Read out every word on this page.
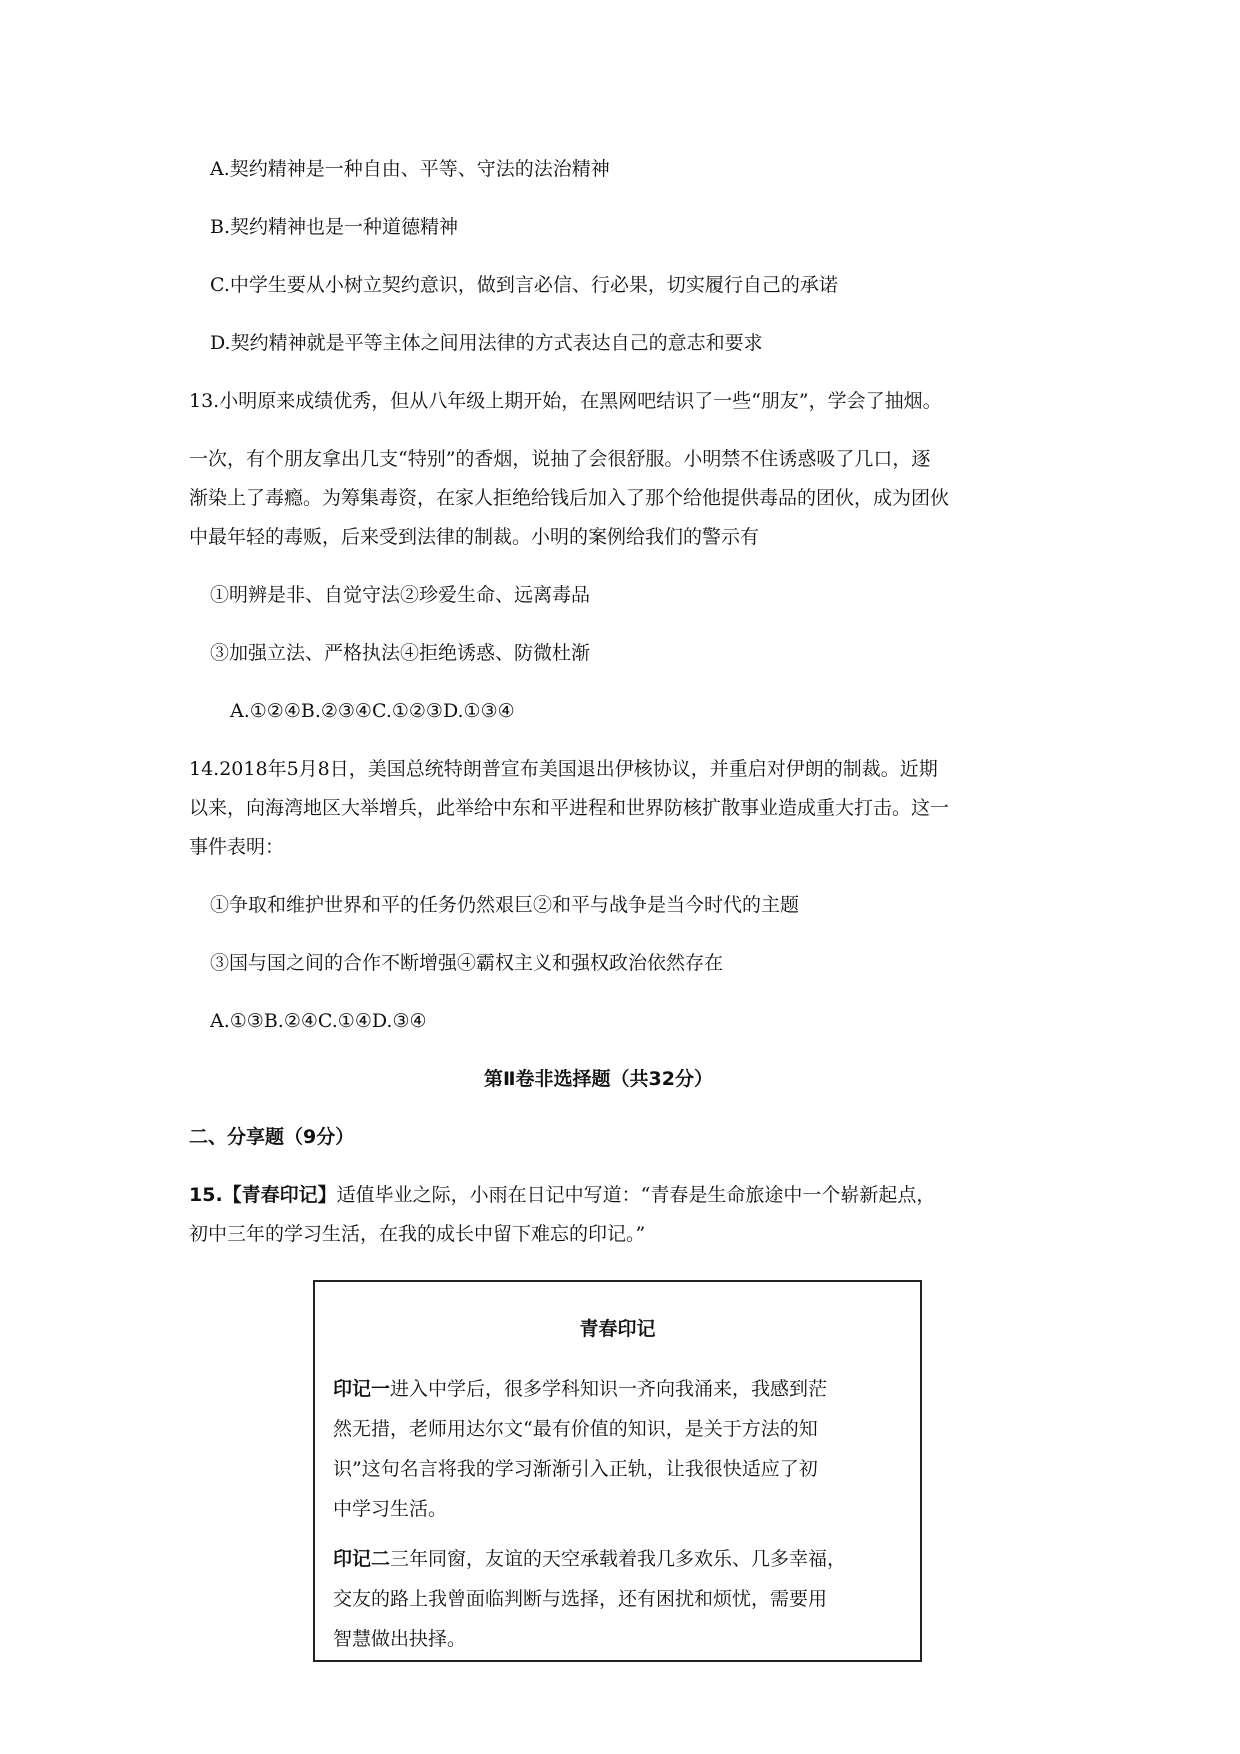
A.契约精神是一种自由、平等、守法的法治精神
B.契约精神也是一种道德精神
C.中学生要从小树立契约意识，做到言必信、行必果，切实履行自己的承诺
D.契约精神就是平等主体之间用法律的方式表达自己的意志和要求
13.小明原来成绩优秀，但从八年级上期开始，在黑网吧结识了一些“朋友”，学会了抽烟。
一次，有个朋友拿出几支“特别”的香烟，说抽了会很舒服。小明禁不住诱惑吸了几口，逐
渐染上了毒瘾。为筹集毒资，在家人拒绝给钱后加入了那个给他提供毒品的团伙，成为团伙
中最年轻的毒贩，后来受到法律的制裁。小明的案例给我们的警示有
①明辨是非、自觉守法②珍爱生命、远离毒品
③加强立法、严格执法④拒绝诱惑、防微杜渐
A.①②④B.②③④C.①②③D.①③④
14.2018年5月8日，美国总统特朗普宣布美国退出伊核协议，并重启对伊朗的制裁。近期
以来，向海湾地区大举增兵，此举给中东和平进程和世界防核扩散事业造成重大打击。这一
事件表明：
①争取和维护世界和平的任务仍然艰巨②和平与战争是当今时代的主题
③国与国之间的合作不断增强④霸权主义和强权政治依然存在
A.①③B.②④C.①④D.③④
第Ⅱ卷非选择题（共32分）
二、分享题（9分）
15.【青春印记】适值毕业之际，小雨在日记中写道：“青春是生命旅途中一个崭新起点，
初中三年的学习生活，在我的成长中留下难忘的印记。”
青春印记
印记一进入中学后，很多学科知识一齐向我涌来，我感到茫
然无措，老师用达尔文“最有价值的知识，是关于方法的知
识”这句名言将我的学习渐渐引入正轨，让我很快适应了初
中学习生活。
印记二三年同窗，友谊的天空承载着我几多欢乐、几多幸福，
交友的路上我曾面临判断与选择，还有困扰和烦忧，需要用
智慧做出抉择。
